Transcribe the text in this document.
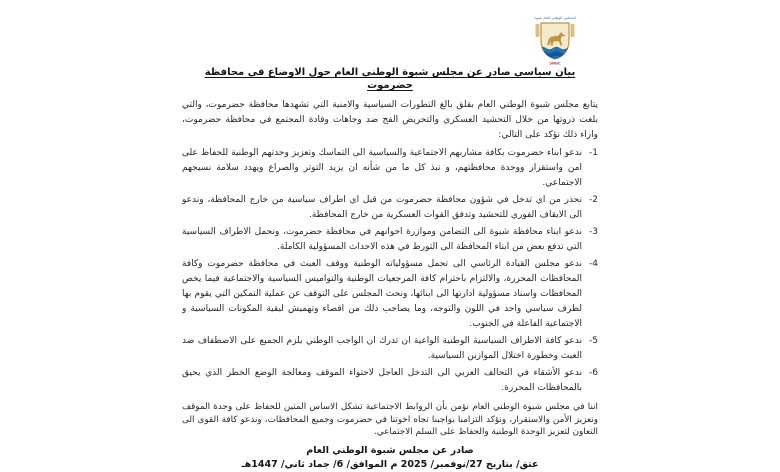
المجلس الوطني العام شبوة
SNGC
بيان سياسي صادر عن مجلس شبوة الوطني العام حول الاوضاع في محافظة حضرموت

يتابع مجلس شبوة الوطني العام بقلق بالغ التطورات السياسية والامنية التي تشهدها محافظة حضرموت، والتي بلغت ذروتها من خلال التحشيد العسكري والتحريض الفج ضد وجاهات وقادة المجتمع في محافظة حضرموت، وازاء ذلك نؤكد على التالي:

1-
ندعو ابناء حضرموت بكافة مشاربهم الاجتماعية والسياسية الى التماسك وتعزيز وحدتهم الوطنية للحفاظ على امن واستقرار ووحدة محافظتهم، و نبذ كل ما من شأنه ان يزيد التوتر والصراع ويهدد سلامة نسيجهم الاجتماعي.
2-
نحذر من اي تدخل في شؤون محافظة حضرموت من قبل اي اطراف سياسية من خارج المحافظة، وندعو الى الايقاف الفوري للتحشيد وتدفق القوات العسكرية من خارج المحافظة.
3-
ندعو ابناء محافظة شبوة الى التضامن وموازرة اخوانهم في محافظة حضرموت، ونحمل الاطراف السياسية التي تدفع بعض من ابناء المحافظة الى التورط في هذه الاحداث المسؤولية الكاملة.
4-
ندعو مجلس القيادة الرئاسي الى تحمل مسؤولياته الوطنية ووقف العبث في محافظة حضرموت وكافة المحافظات المحررة، والالتزام باحترام كافة المرجعيات الوطنية والنواميس السياسية والاجتماعية فيما يخص المحافظات واسناد مسؤولية ادارتها الى ابنائها، ونحث المجلس على التوقف عن عملية التمكين التي يقوم بها لطرف سياسي واحد في اللون والتوجه، وما يصاحب ذلك من اقصاء وتهميش لبقية المكونات السياسية و الاجتماعية الفاعلة في الجنوب.
5-
ندعو كافة الاطراف السياسية الوطنية الواعية ان تدرك ان الواجب الوطني يلزم الجميع على الاصطفاف ضد العبث وخطورة اختلال الموازين السياسية.
6-
ندعو الأشقاء في التحالف العربي الى التدخل العاجل لاحتواء الموقف ومعالجة الوضع الخطر الذي يحيق بالمحافظات المحررة.

اننا في مجلس شبوة الوطني العام نؤمن بأن الروابط الاجتماعية تشكل الاساس المتين للحفاظ على وحدة الموقف وتعزيز الأمن والاستقرار، ونؤكد التزامنا بواجبنا تجاه اخوتنا في حضرموت وجميع المحافظات، وندعو كافة القوى الى التعاون لتعزيز الوحدة الوطنية والحفاظ على السلم الاجتماعي.

صادر عن مجلس شبوة الوطني العام

عتق/ بتاريخ 27/نوفمبر/ 2025 م الموافق/ 6/ جماد ثاني/ 1447هـ
